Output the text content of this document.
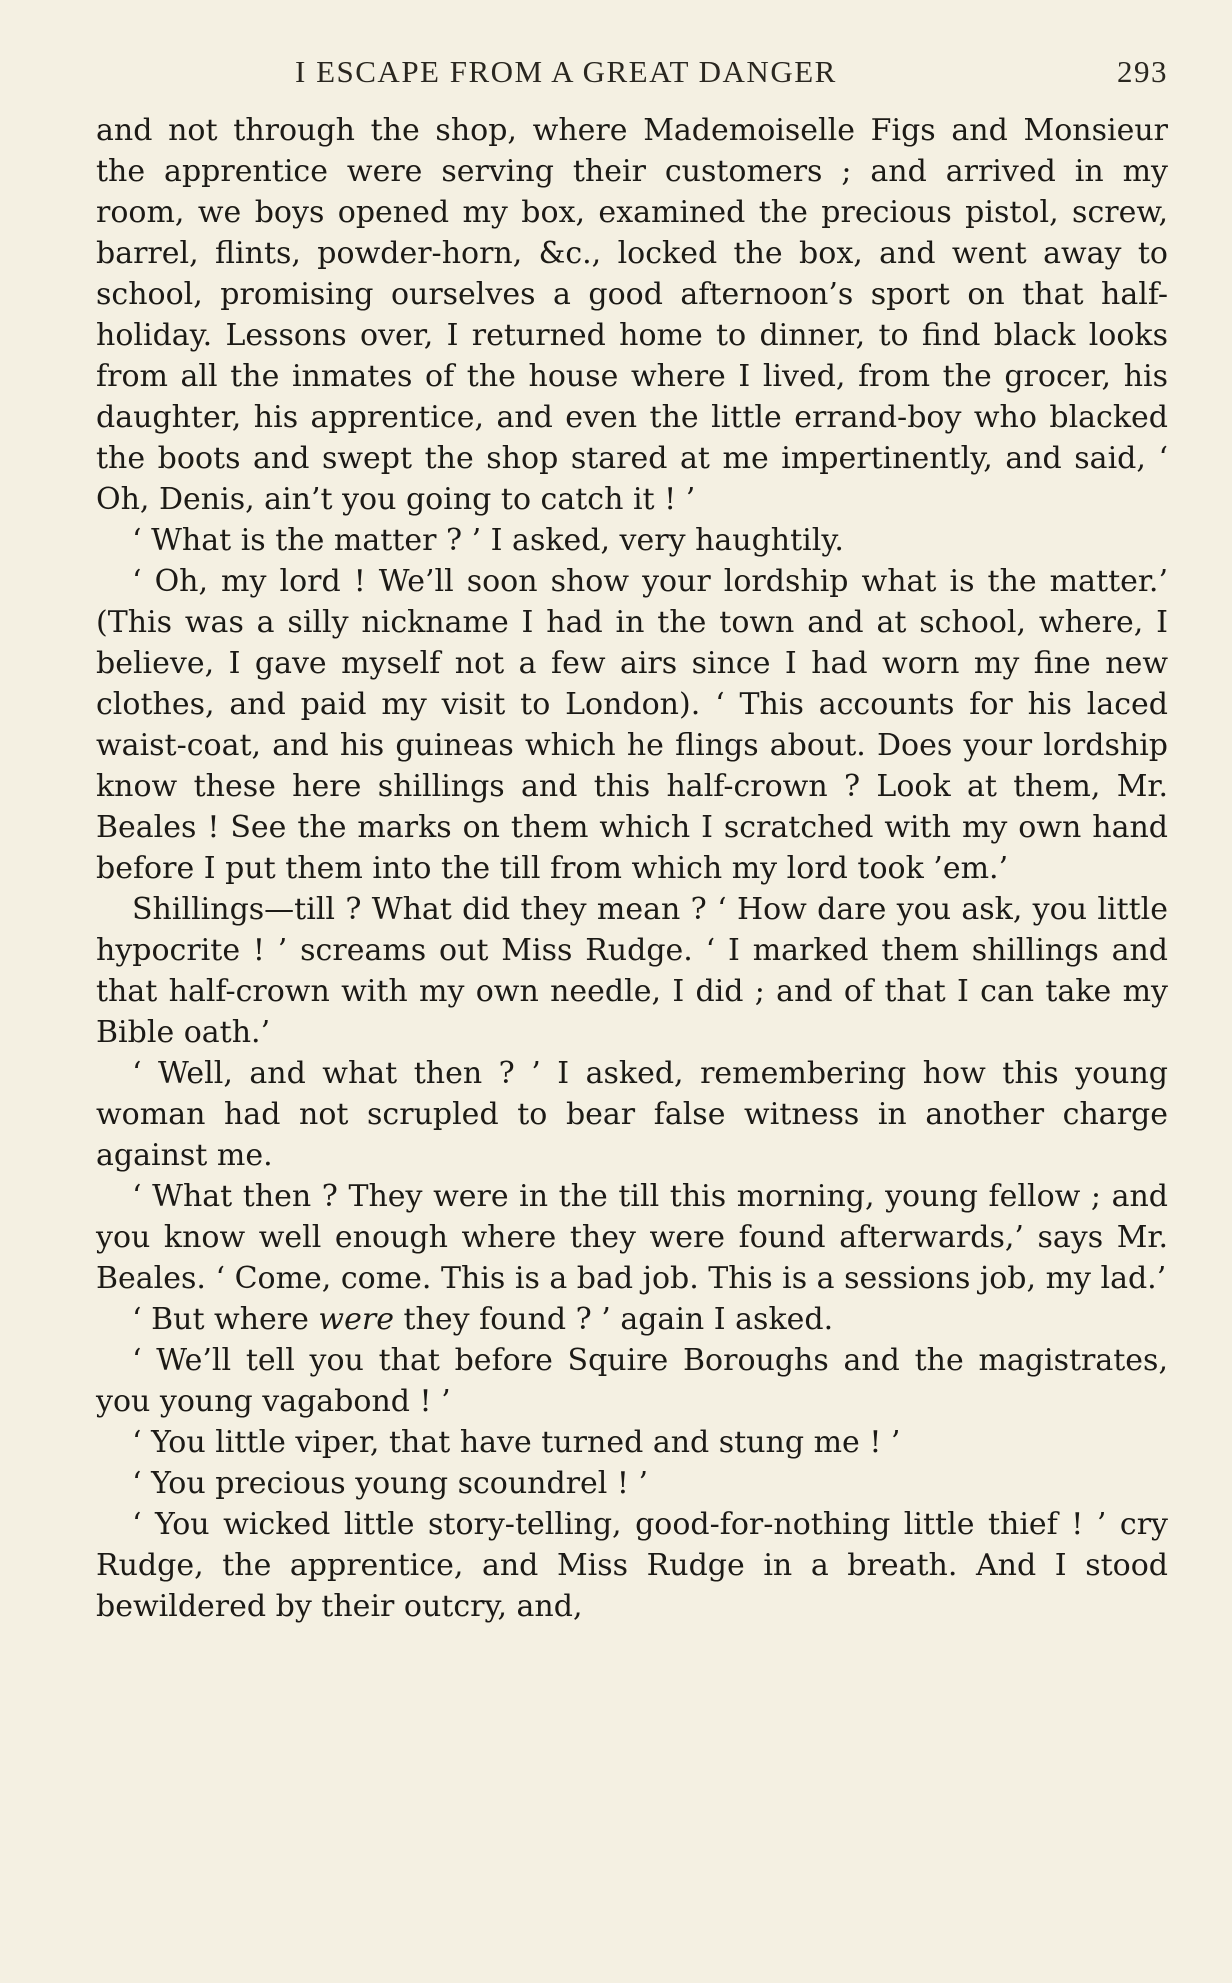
I ESCAPE FROM A GREAT DANGER	293

and not through the shop, where Mademoiselle Figs and Monsieur the apprentice were serving their customers ; and arrived in my room, we boys opened my box, examined the precious pistol, screw, barrel, flints, powder-horn, &c., locked the box, and went away to school, promising ourselves a good afternoon’s sport on that half-holiday. Lessons over, I returned home to dinner, to find black looks from all the inmates of the house where I lived, from the grocer, his daughter, his apprentice, and even the little errand-boy who blacked the boots and swept the shop stared at me impertinently, and said, ‘ Oh, Denis, ain’t you going to catch it ! ’

‘ What is the matter ? ’ I asked, very haughtily.

‘ Oh, my lord ! We’ll soon show your lordship what is the matter.’ (This was a silly nickname I had in the town and at school, where, I believe, I gave myself not a few airs since I had worn my fine new clothes, and paid my visit to London). ‘ This accounts for his laced waist-coat, and his guineas which he flings about. Does your lordship know these here shillings and this half-crown ? Look at them, Mr. Beales ! See the marks on them which I scratched with my own hand before I put them into the till from which my lord took ’em.’

Shillings—till ? What did they mean ? ‘ How dare you ask, you little hypocrite ! ’ screams out Miss Rudge. ‘ I marked them shillings and that half-crown with my own needle, I did ; and of that I can take my Bible oath.’

‘ Well, and what then ? ’ I asked, remembering how this young woman had not scrupled to bear false witness in another charge against me.

‘ What then ? They were in the till this morning, young fellow ; and you know well enough where they were found afterwards,’ says Mr. Beales. ‘ Come, come. This is a bad job. This is a sessions job, my lad.’

‘ But where were they found ? ’ again I asked.

‘ We’ll tell you that before Squire Boroughs and the magistrates, you young vagabond ! ’

‘ You little viper, that have turned and stung me ! ’

‘ You precious young scoundrel ! ’

‘ You wicked little story-telling, good-for-nothing little thief ! ’ cry Rudge, the apprentice, and Miss Rudge in a breath. And I stood bewildered by their outcry, and,
